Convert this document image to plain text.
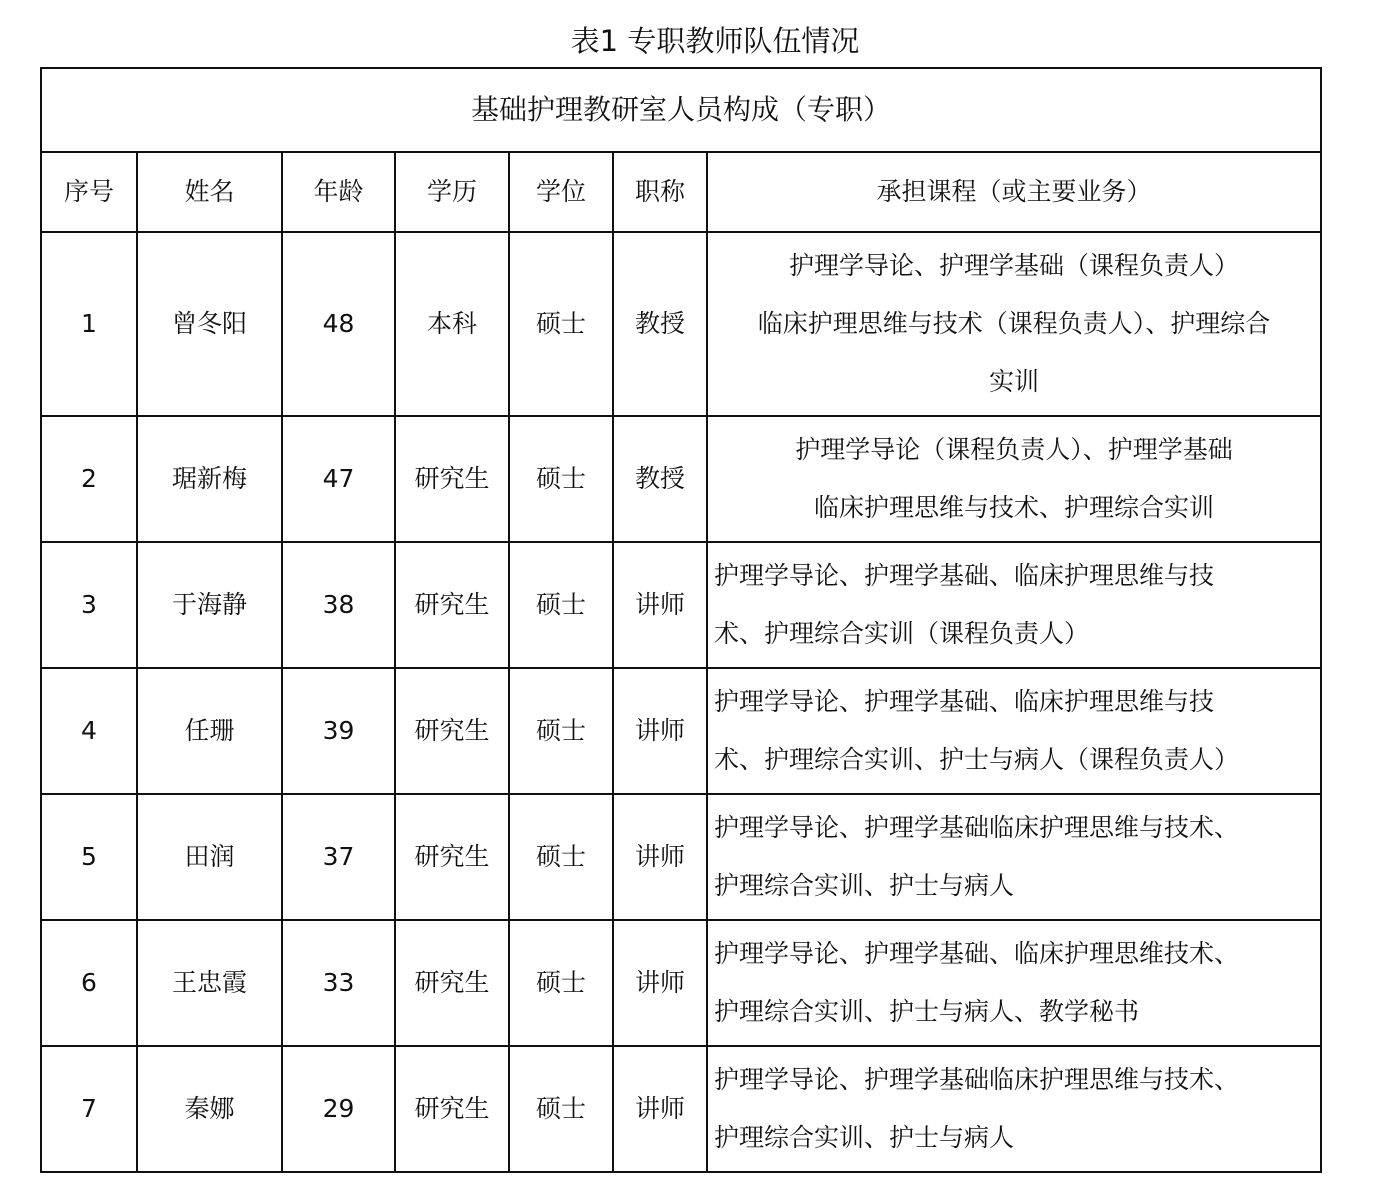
表1 专职教师队伍情况
基础护理教研室人员构成（专职）						
序号	姓名	年龄	学历	学位	职称	承担课程（或主要业务）
1	曾冬阳	48	本科	硕士	教授	护理学导论、护理学基础（课程负责人）
临床护理思维与技术（课程负责人）、护理综合
实训

2	琚新梅	47	研究生	硕士	教授	护理学导论（课程负责人）、护理学基础
临床护理思维与技术、护理综合实训

3	于海静	38	研究生	硕士	讲师	护理学导论、护理学基础、临床护理思维与技
术、护理综合实训（课程负责人）

4	任珊	39	研究生	硕士	讲师	护理学导论、护理学基础、临床护理思维与技
术、护理综合实训、护士与病人（课程负责人）

5	田润	37	研究生	硕士	讲师	护理学导论、护理学基础临床护理思维与技术、
护理综合实训、护士与病人

6	王忠霞	33	研究生	硕士	讲师	护理学导论、护理学基础、临床护理思维技术、
护理综合实训、护士与病人、教学秘书

7	秦娜	29	研究生	硕士	讲师	护理学导论、护理学基础临床护理思维与技术、
护理综合实训、护士与病人
